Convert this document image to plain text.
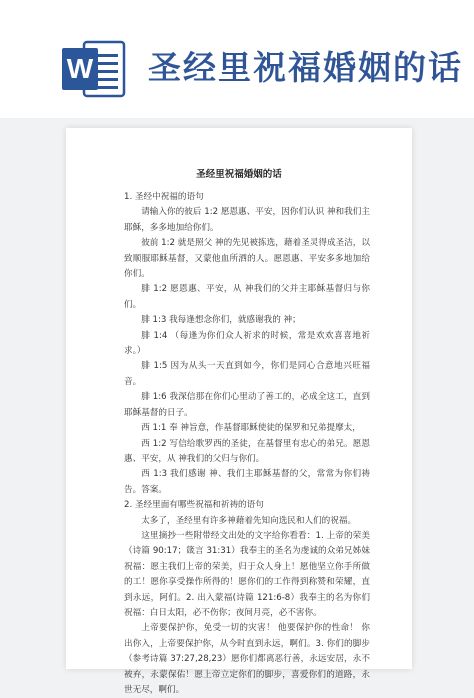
W 圣经里祝福婚姻的话
圣经里祝福婚姻的话

1. 圣经中祝福的语句

请输入你的彼后 1:2 愿恩惠、平安，因你们认识 神和我们主耶稣，多多地加给你们。

彼前 1:2 就是照父 神的先见被拣选，藉着圣灵得成圣洁，以致顺服耶稣基督，又蒙他血所洒的人。愿恩惠、平安多多地加给你们。

腓 1:2 愿恩惠、平安，从 神我们的父并主耶稣基督归与你们。

腓 1:3 我每逢想念你们，就感谢我的 神；

腓 1:4 （每逢为你们众人祈求的时候，常是欢欢喜喜地祈求。）

腓 1:5 因为从头一天直到如今，你们是同心合意地兴旺福音。

腓 1:6 我深信那在你们心里动了善工的，必成全这工，直到耶稣基督的日子。

西 1:1 奉 神旨意，作基督耶稣使徒的保罗和兄弟提摩太，

西 1:2 写信给歌罗西的圣徒，在基督里有忠心的弟兄。愿恩惠、平安，从 神我们的父归与你们。

西 1:3 我们感谢 神、我们主耶稣基督的父，常常为你们祷告。答案。

2. 圣经里面有哪些祝福和祈祷的语句

太多了，圣经里有许多神藉着先知向选民和人们的祝福。

这里摘抄一些附带经文出处的文字给你看看：1. 上帝的荣美（诗篇 90:17；箴言 31:31）我奉主的圣名为虔诚的众弟兄姊妹祝福：愿主我们上帝的荣美，归于众人身上！愿他坚立你手所做的工！愿你享受操作所得的！愿你们的工作得到称赞和荣耀，直到永远，阿们。2. 出入蒙福(诗篇 121:6-8）我奉主的名为你们祝福：白日太阳，必不伤你；夜间月亮，必不害你。

上帝要保护你，免受一切的灾害！ 他要保护你的性命！ 你出你入，上帝要保护你，从今时直到永远，啊们。3. 你们的脚步（参考诗篇 37:27,28,23）愿你们都离恶行善，永远安居，永不被弃，永蒙保佑！愿上帝立定你们的脚步，喜爱你们的道路，永世无尽，啊们。
